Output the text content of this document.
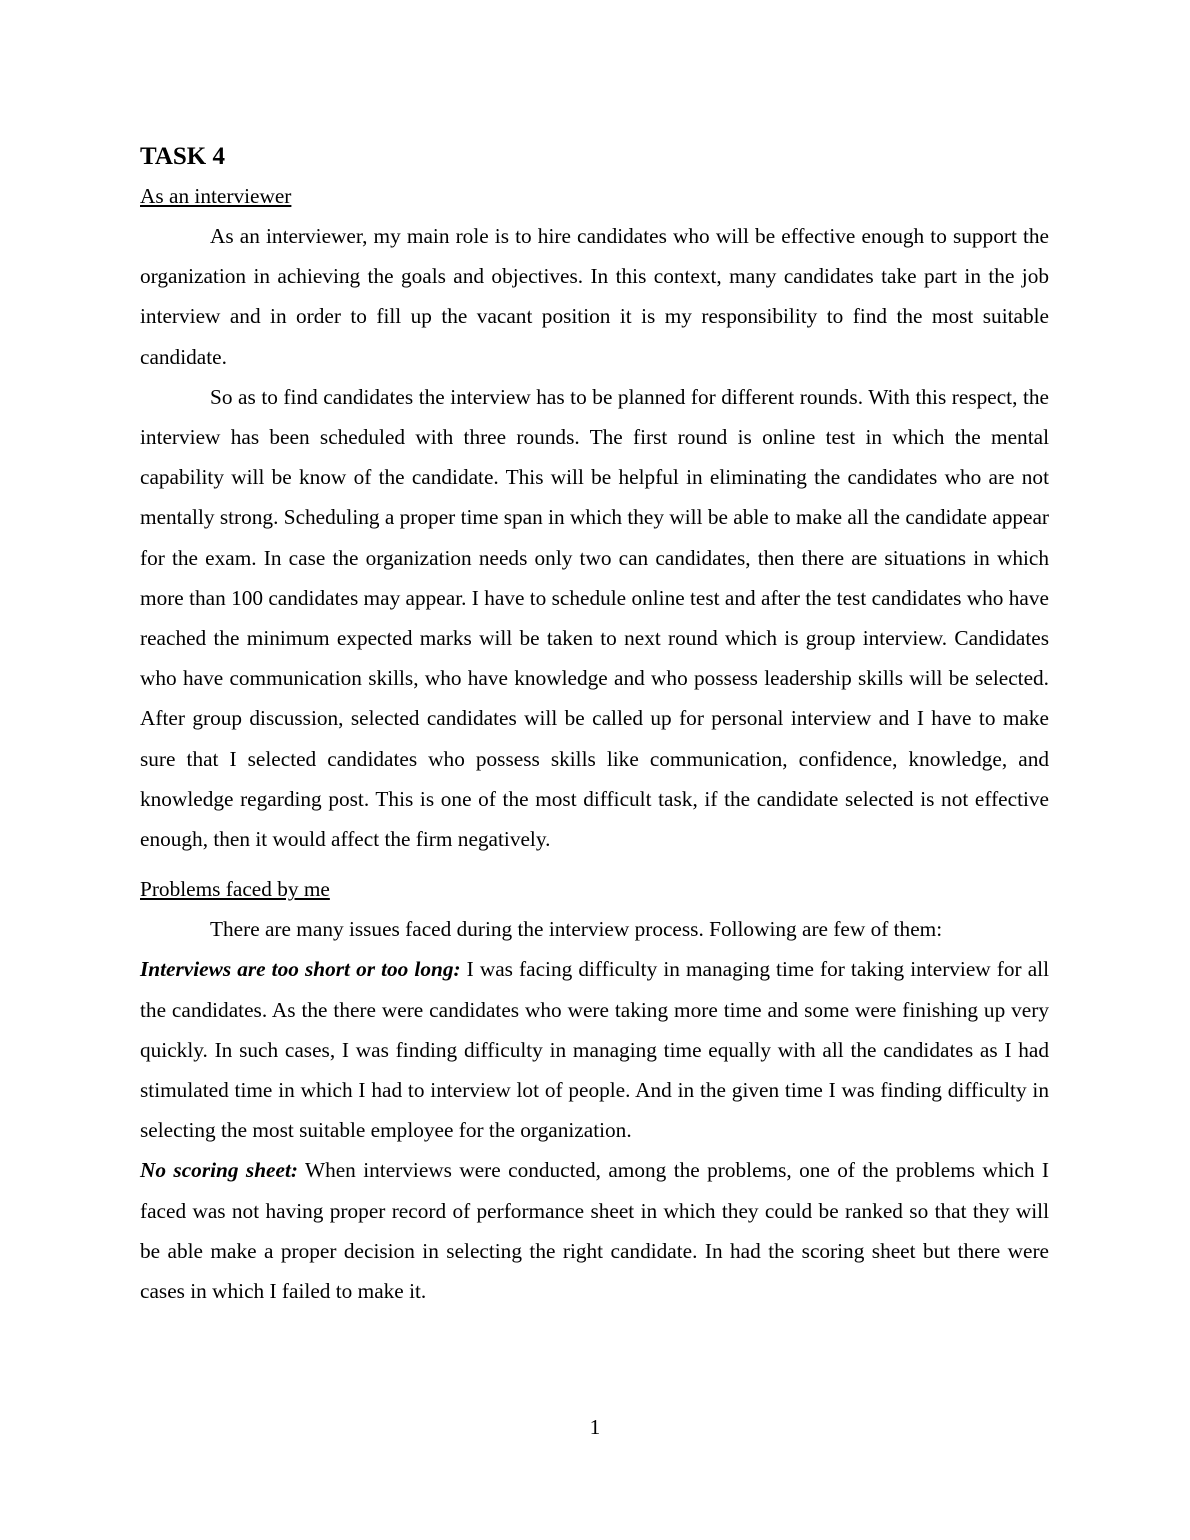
TASK 4
As an interviewer

As an interviewer, my main role is to hire candidates who will be effective enough to support the organization in achieving the goals and objectives. In this context, many candidates take part in the job interview and in order to fill up the vacant position it is my responsibility to find the most suitable candidate.

So as to find candidates the interview has to be planned for different rounds. With this respect, the interview has been scheduled with three rounds. The first round is online test in which the mental capability will be know of the candidate. This will be helpful in eliminating the candidates who are not mentally strong. Scheduling a proper time span in which they will be able to make all the candidate appear for the exam. In case the organization needs only two can candidates, then there are situations in which more than 100 candidates may appear. I have to schedule online test and after the test candidates who have reached the minimum expected marks will be taken to next round which is group interview. Candidates who have communication skills, who have knowledge and who possess leadership skills will be selected. After group discussion, selected candidates will be called up for personal interview and I have to make sure that I selected candidates who possess skills like communication, confidence, knowledge, and knowledge regarding post. This is one of the most difficult task, if the candidate selected is not effective enough, then it would affect the firm negatively.

Problems faced by me

There are many issues faced during the interview process. Following are few of them:

Interviews are too short or too long: I was facing difficulty in managing time for taking interview for all the candidates. As the there were candidates who were taking more time and some were finishing up very quickly. In such cases, I was finding difficulty in managing time equally with all the candidates as I had stimulated time in which I had to interview lot of people. And in the given time I was finding difficulty in selecting the most suitable employee for the organization.

No scoring sheet: When interviews were conducted, among the problems, one of the problems which I faced was not having proper record of performance sheet in which they could be ranked so that they will be able make a proper decision in selecting the right candidate. In had the scoring sheet but there were cases in which I failed to make it.

1
